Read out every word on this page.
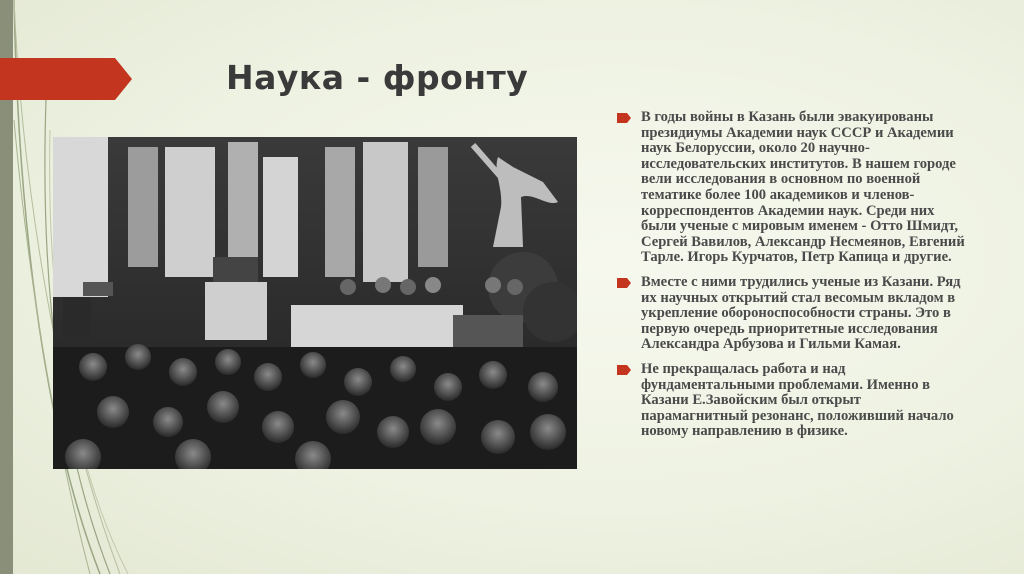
Наука - фронту
В годы войны в Казань были эвакуированы президиумы Академии наук СССР и Академии наук Белоруссии, около 20 научно-исследовательских институтов. В нашем городе вели исследования в основном по военной тематике более 100 академиков и членов-корреспондентов Академии наук. Среди них были ученые с мировым именем - Отто Шмидт, Сергей Вавилов, Александр Несмеянов, Евгений Тарле. Игорь Курчатов, Петр Капица и другие.
Вместе с ними трудились ученые из Казани. Ряд их научных открытий стал весомым вкладом в укрепление обороноспособности страны. Это в первую очередь приоритетные исследования Александра Арбузова и Гильми Камая.
Не прекращалась работа и над фундаментальными проблемами. Именно в Казани Е.Завойским был открыт парамагнитный резонанс, положивший начало новому направлению в физике.
